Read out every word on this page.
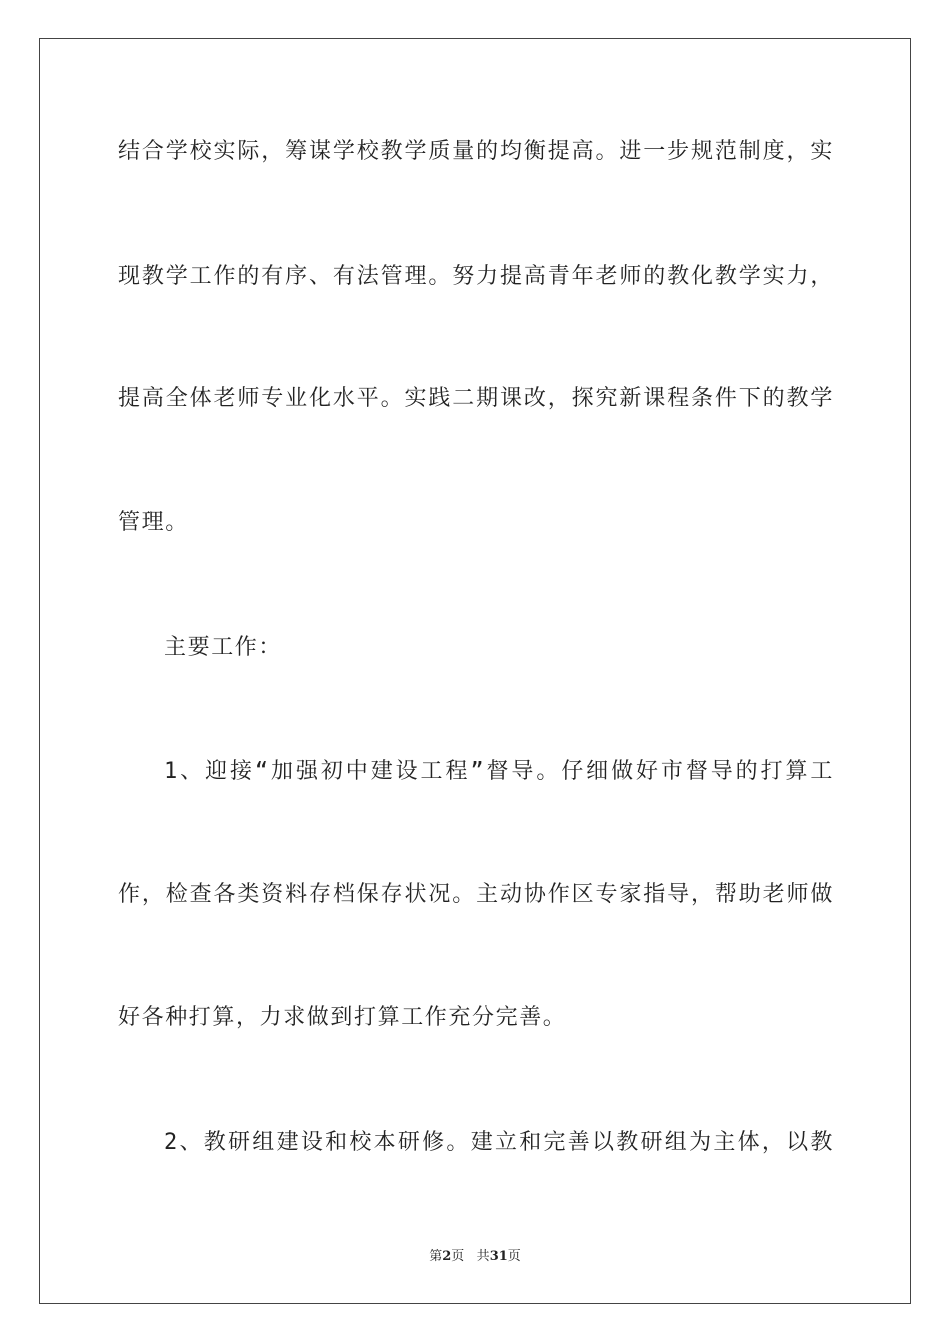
结合学校实际，筹谋学校教学质量的均衡提高。进一步规范制度，实
现教学工作的有序、有法管理。努力提高青年老师的教化教学实力，
提高全体老师专业化水平。实践二期课改，探究新课程条件下的教学
管理。
主要工作：
1、迎接“加强初中建设工程”督导。仔细做好市督导的打算工
作，检查各类资料存档保存状况。主动协作区专家指导，帮助老师做
好各种打算，力求做到打算工作充分完善。
2、教研组建设和校本研修。建立和完善以教研组为主体，以教
第2页 共31页
